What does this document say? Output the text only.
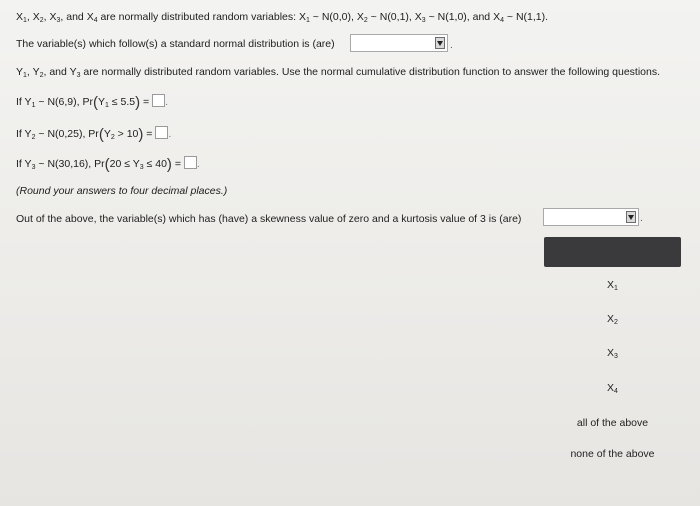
$X_1$, $X_2$, $X_3$, and $X_4$ are normally distributed random variables: $X_1$ ~ N(0,0), $X_2$ ~ N(0,1), $X_3$ ~ N(1,0), and $X_4$ ~ N(1,1).
The variable(s) which follow(s) a standard normal distribution is (are)	.
$Y_1$, $Y_2$, and $Y_3$ are normally distributed random variables. Use the normal cumulative distribution function to answer the following questions.
If $Y_1$ ~ N(6,9), $Pr(Y_1 \le 5.5)$ = .
If $Y_2$ ~ N(0,25), $Pr(Y_2 > 10)$ = .
If $Y_3$ ~ N(30,16), $Pr(20 \le Y_3 \le 40)$ = .
(Round your answers to four decimal places.)
Out of the above, the variable(s) which has (have) a skewness value of zero and a kurtosis value of 3 is (are)	.
$X_1$
$X_2$
$X_3$
$X_4$
all of the above
none of the above
